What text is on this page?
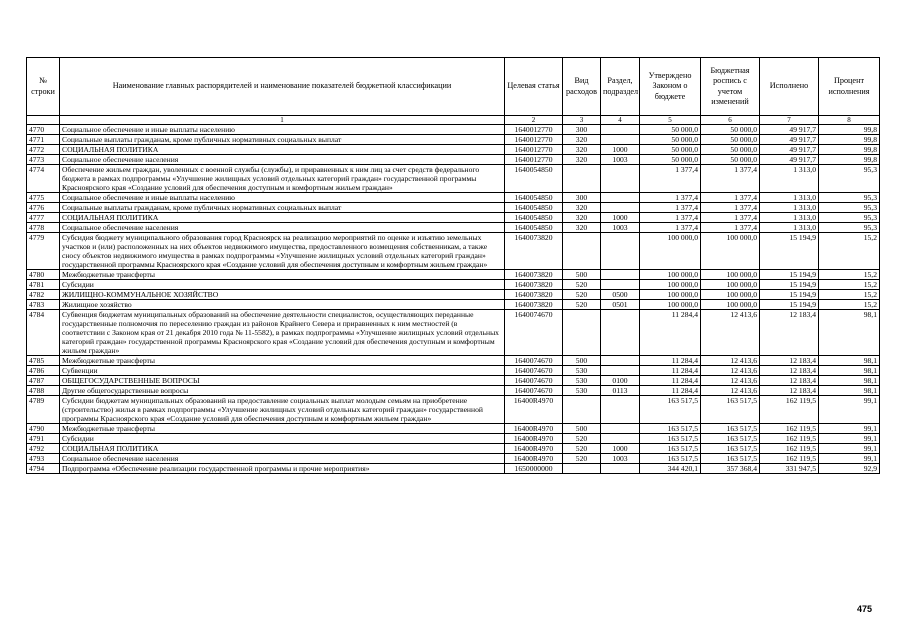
№ строки	Наименование главных распорядителей и наименование показателей бюджетной классификации	Целевая статья	Вид расходов	Раздел, подраздел	Утверждено Законом о бюджете	Бюджетная роспись с учетом изменений	Исполнено	Процент исполнения
	1	2	3	4	5	6	7	8
4770	Социальное обеспечение и иные выплаты населению	1640012770	300		50 000,0	50 000,0	49 917,7	99,8
4771	Социальные выплаты гражданам, кроме публичных нормативных социальных выплат	1640012770	320		50 000,0	50 000,0	49 917,7	99,8
4772	СОЦИАЛЬНАЯ ПОЛИТИКА	1640012770	320	1000	50 000,0	50 000,0	49 917,7	99,8
4773	Социальное обеспечение населения	1640012770	320	1003	50 000,0	50 000,0	49 917,7	99,8
4774	Обеспечение жильем граждан, уволенных с военной службы (службы), и приравненных к ним лиц за счет средств федерального бюджета в рамках подпрограммы «Улучшение жилищных условий отдельных категорий граждан» государственной программы Красноярского края «Создание условий для обеспечения доступным и комфортным жильем граждан»	1640054850			1 377,4	1 377,4	1 313,0	95,3
4775	Социальное обеспечение и иные выплаты населению	1640054850	300		1 377,4	1 377,4	1 313,0	95,3
4776	Социальные выплаты гражданам, кроме публичных нормативных социальных выплат	1640054850	320		1 377,4	1 377,4	1 313,0	95,3
4777	СОЦИАЛЬНАЯ ПОЛИТИКА	1640054850	320	1000	1 377,4	1 377,4	1 313,0	95,3
4778	Социальное обеспечение населения	1640054850	320	1003	1 377,4	1 377,4	1 313,0	95,3
4779	Субсидия бюджету муниципального образования город Красноярск на реализацию мероприятий по оценке и изъятию земельных участков и (или) расположенных на них объектов недвижимого имущества, предоставленного возмещения собственникам, а также сносу объектов недвижимого имущества в рамках подпрограммы «Улучшение жилищных условий отдельных категорий граждан» государственной программы Красноярского края «Создание условий для обеспечения доступным и комфортным жильем граждан»	1640073820			100 000,0	100 000,0	15 194,9	15,2
4780	Межбюджетные трансферты	1640073820	500		100 000,0	100 000,0	15 194,9	15,2
4781	Субсидии	1640073820	520		100 000,0	100 000,0	15 194,9	15,2
4782	ЖИЛИЩНО-КОММУНАЛЬНОЕ ХОЗЯЙСТВО	1640073820	520	0500	100 000,0	100 000,0	15 194,9	15,2
4783	Жилищное хозяйство	1640073820	520	0501	100 000,0	100 000,0	15 194,9	15,2
4784	Субвенция бюджетам муниципальных образований на обеспечение деятельности специалистов, осуществляющих переданные государственные полномочия по переселению граждан из районов Крайнего Севера и приравненных к ним местностей (в соответствии с Законом края от 21 декабря 2010 года № 11-5582), в рамках подпрограммы «Улучшение жилищных условий отдельных категорий граждан» государственной программы Красноярского края «Создание условий для обеспечения доступным и комфортным жильем граждан»	1640074670			11 284,4	12 413,6	12 183,4	98,1
4785	Межбюджетные трансферты	1640074670	500		11 284,4	12 413,6	12 183,4	98,1
4786	Субвенции	1640074670	530		11 284,4	12 413,6	12 183,4	98,1
4787	ОБЩЕГОСУДАРСТВЕННЫЕ ВОПРОСЫ	1640074670	530	0100	11 284,4	12 413,6	12 183,4	98,1
4788	Другие общегосударственные вопросы	1640074670	530	0113	11 284,4	12 413,6	12 183,4	98,1
4789	Субсидии бюджетам муниципальных образований на предоставление социальных выплат молодым семьям на приобретение (строительство) жилья в рамках подпрограммы «Улучшение жилищных условий отдельных категорий граждан» государственной программы Красноярского края «Создание условий для обеспечения доступным и комфортным жильем граждан»	16400R4970			163 517,5	163 517,5	162 119,5	99,1
4790	Межбюджетные трансферты	16400R4970	500		163 517,5	163 517,5	162 119,5	99,1
4791	Субсидии	16400R4970	520		163 517,5	163 517,5	162 119,5	99,1
4792	СОЦИАЛЬНАЯ ПОЛИТИКА	16400R4970	520	1000	163 517,5	163 517,5	162 119,5	99,1
4793	Социальное обеспечение населения	16400R4970	520	1003	163 517,5	163 517,5	162 119,5	99,1
4794	Подпрограмма «Обеспечение реализации государственной программы и прочие мероприятия»	1650000000			344 420,1	357 368,4	331 947,5	92,9
475
